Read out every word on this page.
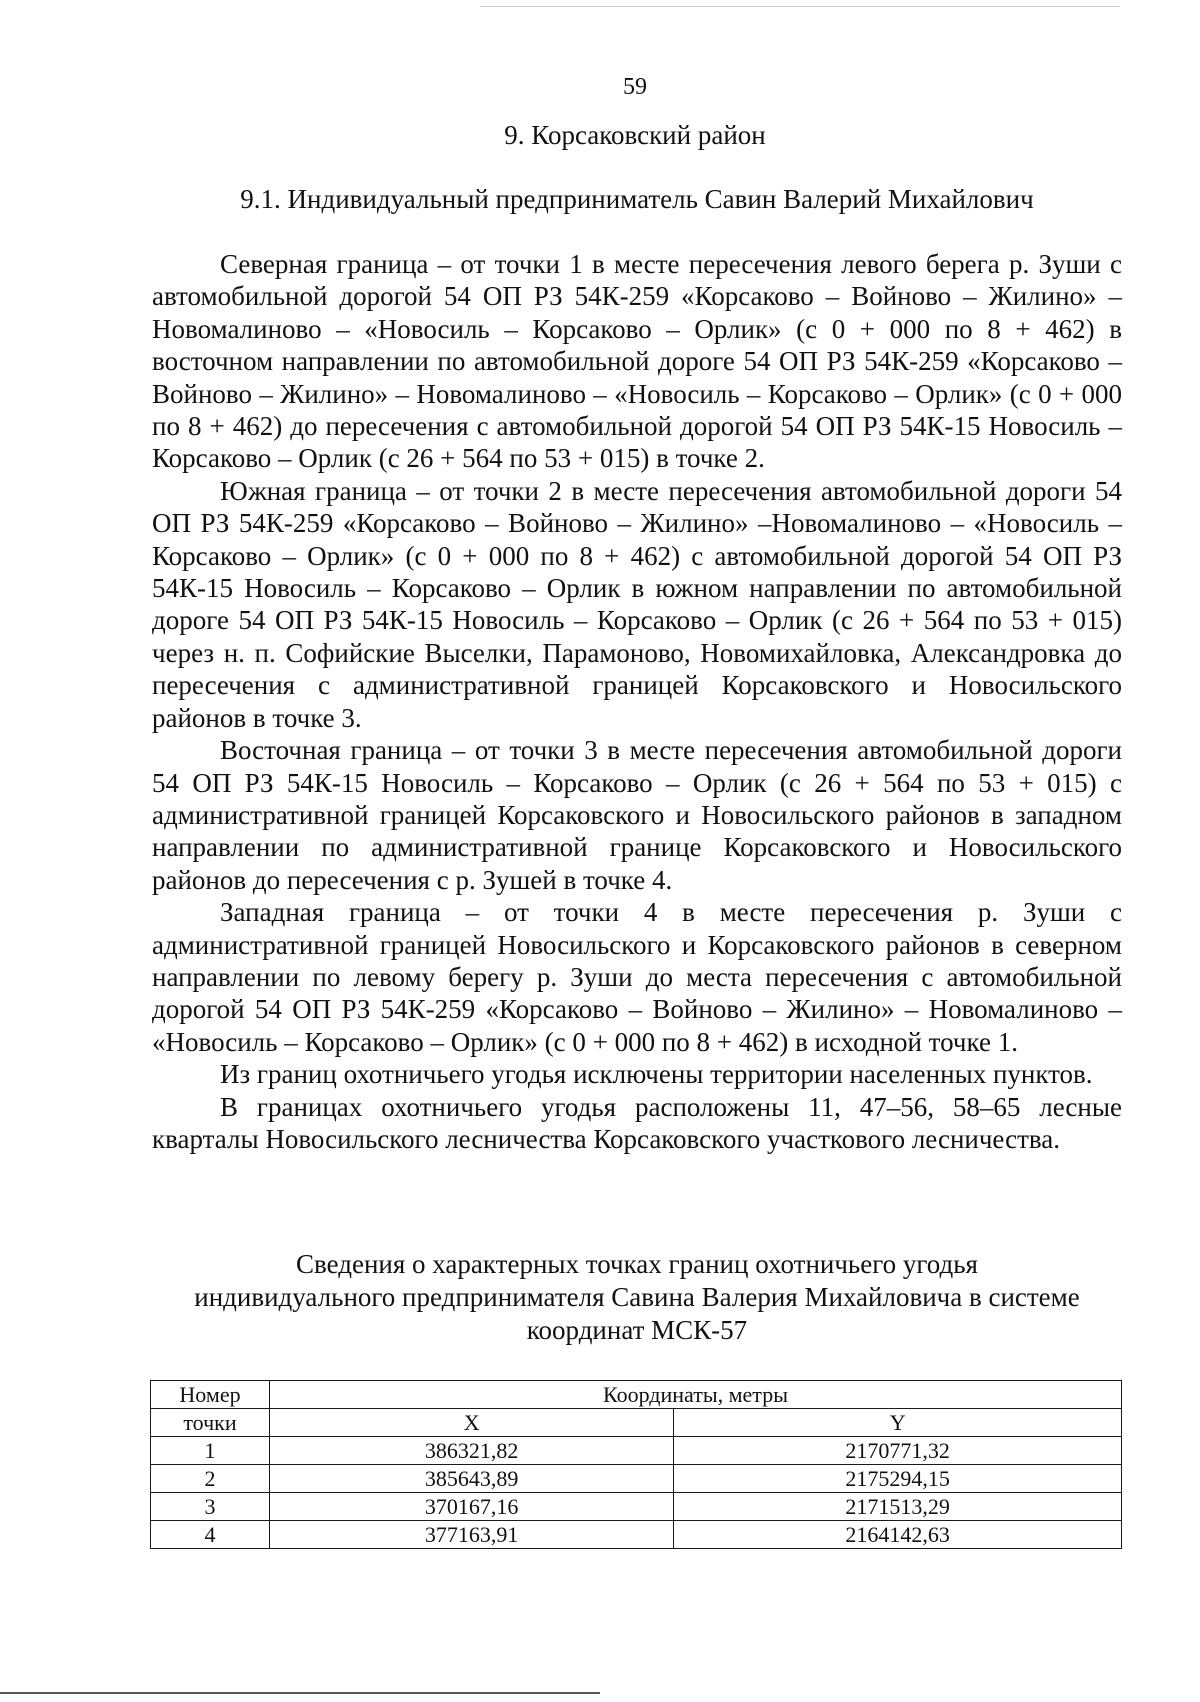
59
9. Корсаковский район
9.1. Индивидуальный предприниматель Савин Валерий Михайлович

Северная граница – от точки 1 в месте пересечения левого берега р. Зуши с автомобильной дорогой 54 ОП РЗ 54К-259 «Корсаково – Войново – Жилино» – Новомалиново – «Новосиль – Корсаково – Орлик» (с 0 + 000 по 8 + 462) в восточном направлении по автомобильной дороге 54 ОП РЗ 54К-259 «Корсаково – Войново – Жилино» – Новомалиново – «Новосиль – Корсаково – Орлик» (с 0 + 000 по 8 + 462) до пересечения с автомобильной дорогой 54 ОП РЗ 54К-15 Новосиль – Корсаково – Орлик (с 26 + 564 по 53 + 015) в точке 2.

Южная граница – от точки 2 в месте пересечения автомобильной дороги 54 ОП РЗ 54К-259 «Корсаково – Войново – Жилино» –Новомалиново – «Новосиль – Корсаково – Орлик» (с 0 + 000 по 8 + 462) с автомобильной дорогой 54 ОП РЗ 54К-15 Новосиль – Корсаково – Орлик в южном направлении по автомобильной дороге 54 ОП РЗ 54К-15 Новосиль – Корсаково – Орлик (с 26 + 564 по 53 + 015) через н. п. Софийские Выселки, Парамоново, Новомихайловка, Александровка до пересечения с административной границей Корсаковского и Новосильского районов в точке 3.

Восточная граница – от точки 3 в месте пересечения автомобильной дороги 54 ОП РЗ 54К-15 Новосиль – Корсаково – Орлик (с 26 + 564 по 53 + 015) с административной границей Корсаковского и Новосильского районов в западном направлении по административной границе Корсаковского и Новосильского районов до пересечения с р. Зушей в точке 4.

Западная граница – от точки 4 в месте пересечения р. Зуши с административной границей Новосильского и Корсаковского районов в северном направлении по левому берегу р. Зуши до места пересечения с автомобильной дорогой 54 ОП РЗ 54К-259 «Корсаково – Войново – Жилино» – Новомалиново – «Новосиль – Корсаково – Орлик» (с 0 + 000 по 8 + 462) в исходной точке 1.

Из границ охотничьего угодья исключены территории населенных пунктов.

В границах охотничьего угодья расположены 11, 47–56, 58–65 лесные кварталы Новосильского лесничества Корсаковского участкового лесничества.

Сведения о характерных точках границ охотничьего угодья
индивидуального предпринимателя Савина Валерия Михайловича в системе
координат МСК-57
Номер	Координаты, метры	
точки	X	Y
1	386321,82	2170771,32
2	385643,89	2175294,15
3	370167,16	2171513,29
4	377163,91	2164142,63
